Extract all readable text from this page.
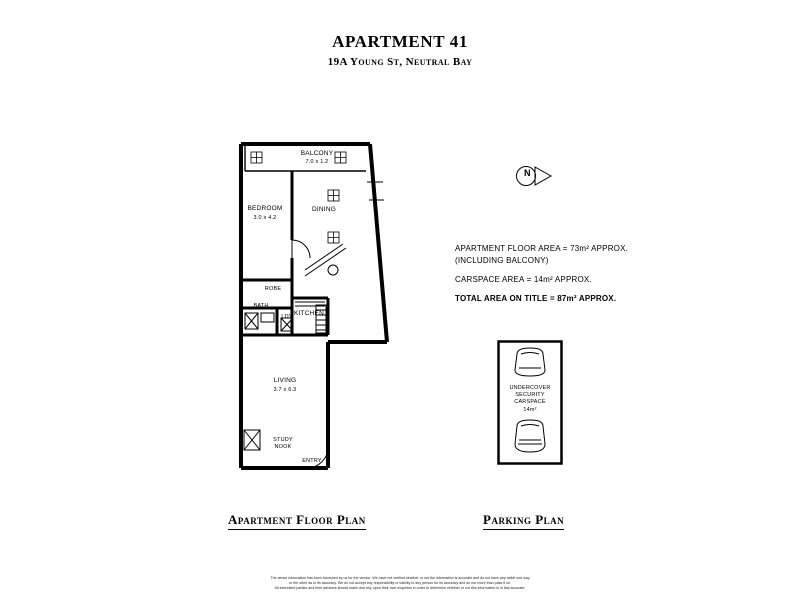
APARTMENT 41
19A Young St, Neutral Bay
N
APARTMENT FLOOR AREA = 73m² APPROX.
(INCLUDING BALCONY)
CARSPACE AREA = 14m² APPROX.
TOTAL AREA ON TITLE = 87m² APPROX.
BALCONY
7.0 x 1.2
BEDROOM
3.0 x 4.2
DINING
ROBE
BATH
LDY KITCHEN
LIVING
3.7 x 6.3
STUDY
NOOK
ENTRY
UNDERCOVER
SECURITY
CARSPACE
14m²
Apartment Floor Plan	Parking Plan
The above information has been furnished by us for the vendor. We have not verified whether or not the information is accurate and do not have any belief one way
or the other as to its accuracy. We do not accept any responsibility or liability to any person for its accuracy and do nor more than pass it on.
All interested parties and their advisers should make and rely upon their own enquiries in order to determine whether or not this information is in fact accurate.
